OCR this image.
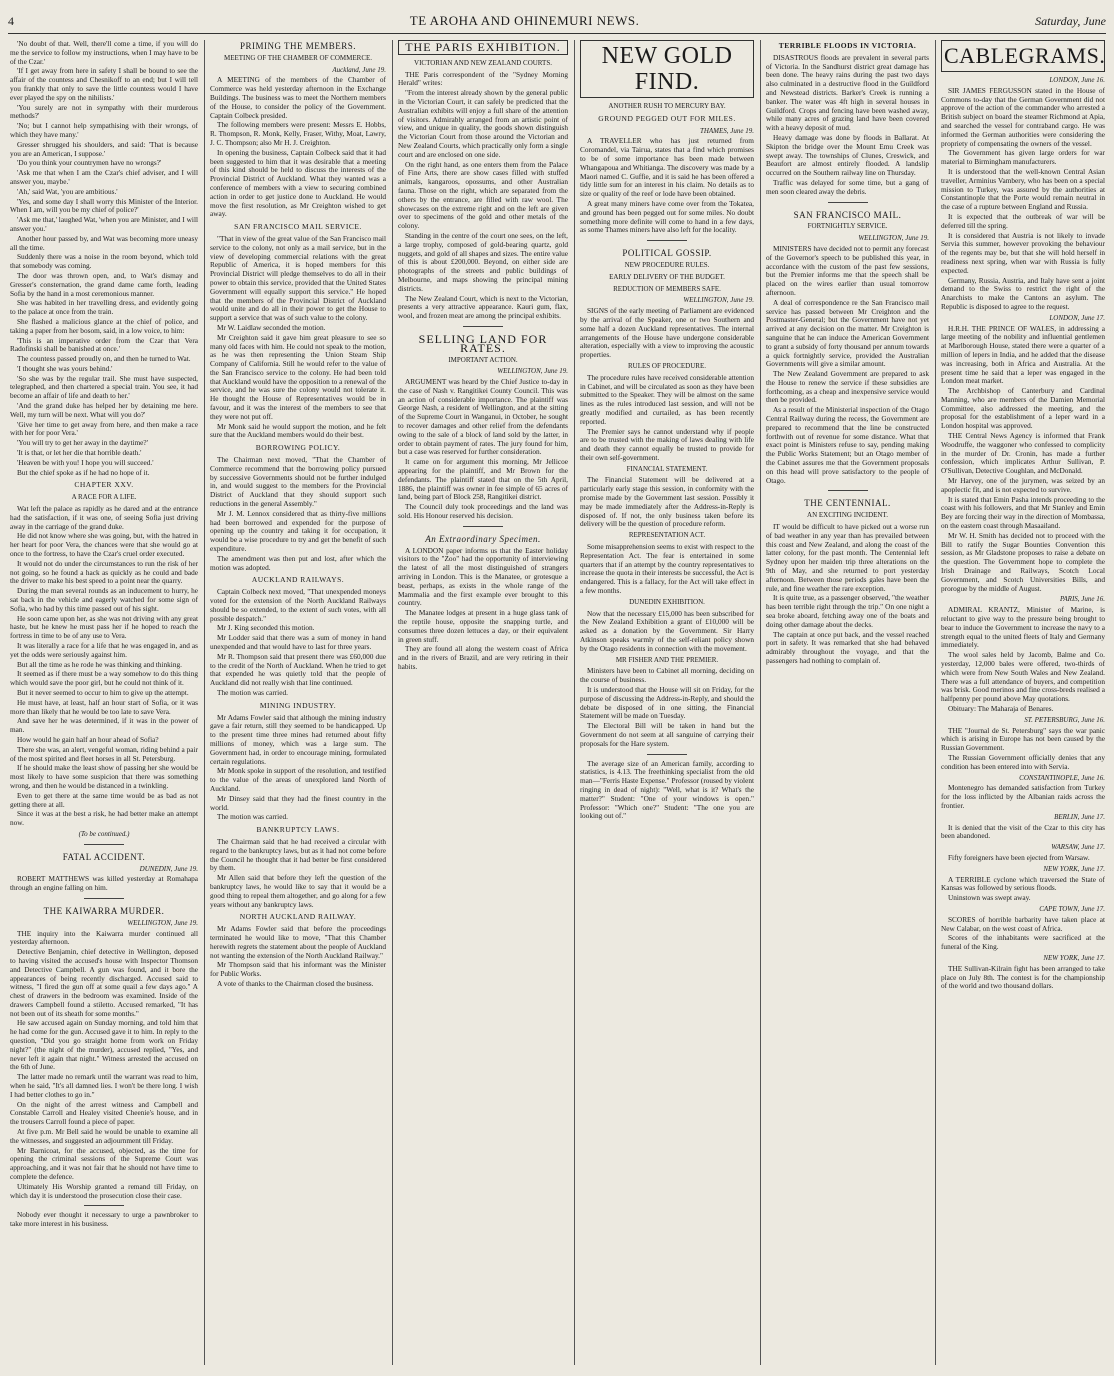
4	TE AROHA AND OHINEMURI NEWS.	Saturday, June

'No doubt of that. Well, there'll come a time, if you will do me the service to follow my instructions, when I may have to be of the Czar.'

'If I get away from here in safety I shall be bound to see the affair of the countess and Chesnikoff to an end; but I will tell you frankly that only to save the little countess would I have ever played the spy on the nihilists.'

'You surely are not in sympathy with their murderous methods?'

'No; but I cannot help sympathising with their wrongs, of which they have many.'

Gresser shrugged his shoulders, and said: 'That is because you are an American, I suppose.'

'Do you think your countrymen have no wrongs?'

'Ask me that when I am the Czar's chief adviser, and I will answer you, maybe.'

'Ah,' said Wat, 'you are ambitious.'

'Yes, and some day I shall worry this Minister of the Interior. When I am, will you be my chief of police?'

'Ask me that,' laughed Wat, 'when you are Minister, and I will answer you.'

Another hour passed by, and Wat was becoming more uneasy all the time.

Suddenly there was a noise in the room beyond, which told that somebody was coming.

The door was thrown open, and, to Wat's dismay and Gresser's consternation, the grand dame came forth, leading Sofia by the hand in a most ceremonious manner.

She was habited in her travelling dress, and evidently going to the palace at once from the train.

She flashed a malicious glance at the chief of police, and taking a paper from her bosom, said, in a low voice, to him:

'This is an imperative order from the Czar that Vera Radofinski shall be banished at once.'

The countess passed proudly on, and then he turned to Wat.

'I thought she was yours behind.'

'So she was by the regular trail. She must have suspected, telegraphed, and then chartered a special train. You see, it had become an affair of life and death to her.'

'And the grand duke has helped her by detaining me here. Well, my turn will be next. What will you do?'

'Give her time to get away from here, and then make a race with her for poor Vera.'

'You will try to get her away in the daytime?'

'It is that, or let her die that horrible death.'

'Heaven be with you! I hope you will succeed.'

But the chief spoke as if he had no hope of it.

CHAPTER XXV.
A RACE FOR A LIFE.

Wat left the palace as rapidly as he dared and at the entrance had the satisfaction, if it was one, of seeing Sofia just driving away in the carriage of the grand duke.

He did not know where she was going, but, with the hatred in her heart for poor Vera, the chances were that she would go at once to the fortress, to have the Czar's cruel order executed.

It would not do under the circumstances to run the risk of her not going, so he found a hack as quickly as he could and bade the driver to make his best speed to a point near the quarry.

During the man several rounds as an inducement to hurry, he sat back in the vehicle and eagerly watched for some sign of Sofia, who had by this time passed out of his sight.

He soon came upon her, as she was not driving with any great haste, but he knew he must pass her if he hoped to reach the fortress in time to be of any use to Vera.

It was literally a race for a life that he was engaged in, and as yet the odds were seriously against him.

But all the time as he rode he was thinking and thinking.

It seemed as if there must be a way somehow to do this thing which would save the poor girl, but he could not think of it.

But it never seemed to occur to him to give up the attempt.

He must have, at least, half an hour start of Sofia, or it was more than likely that he would be too late to save Vera.

And save her he was determined, if it was in the power of man.

How would he gain half an hour ahead of Sofia?

There she was, an alert, vengeful woman, riding behind a pair of the most spirited and fleet horses in all St. Petersburg.

If he should make the least show of passing her she would be most likely to have some suspicion that there was something wrong, and then he would be distanced in a twinkling.

Even to get there at the same time would be as bad as not getting there at all.

Since it was at the best a risk, he had better make an attempt now.

(To be continued.)
FATAL ACCIDENT.
DUNEDIN, June 19.

ROBERT MATTHEWS was killed yesterday at Romahapa through an engine falling on him.

THE KAIWARRA MURDER.
WELLINGTON, June 19.

THE inquiry into the Kaiwarra murder continued all yesterday afternoon.

Detective Benjamin, chief detective in Wellington, deposed to having visited the accused's house with Inspector Thomson and Detective Campbell. A gun was found, and it bore the appearances of being recently discharged. Accused said to witness, "I fired the gun off at some quail a few days ago." A chest of drawers in the bedroom was examined. Inside of the drawers Campbell found a stiletto. Accused remarked, "It has not been out of its sheath for some months."

He saw accused again on Sunday morning, and told him that he had come for the gun. Accused gave it to him. In reply to the question, "Did you go straight home from work on Friday night?" (the night of the murder), accused replied, "Yes, and never left it again that night." Witness arrested the accused on the 6th of June.

The latter made no remark until the warrant was read to him, when he said, "It's all damned lies. I won't be there long. I wish I had better clothes to go in."

On the night of the arrest witness and Campbell and Constable Carroll and Healey visited Cheenie's house, and in the trousers Carroll found a piece of paper.

At five p.m. Mr Bell said he would be unable to examine all the witnesses, and suggested an adjournment till Friday.

Mr Barnicoat, for the accused, objected, as the time for opening the criminal sessions of the Supreme Court was approaching, and it was not fair that he should not have time to complete the defence.

Ultimately His Worship granted a remand till Friday, on which day it is understood the prosecution close their case.

Nobody ever thought it necessary to urge a pawnbroker to take more interest in his business.

PRIMING THE MEMBERS.
MEETING OF THE CHAMBER OF COMMERCE.
Auckland, June 19.

A MEETING of the members of the Chamber of Commerce was held yesterday afternoon in the Exchange Buildings. The business was to meet the Northern members of the House, to consider the policy of the Government. Captain Colbeck presided.

The following members were present: Messrs E. Hobbs, R. Thompson, R. Monk, Kelly, Fraser, Withy, Moat, Lawry, J. C. Thompson; also Mr H. J. Creighton.

In opening the business, Captain Colbeck said that it had been suggested to him that it was desirable that a meeting of this kind should be held to discuss the interests of the Provincial District of Auckland. What they wanted was a conference of members with a view to securing combined action in order to get justice done to Auckland. He would move the first resolution, as Mr Creighton wished to get away.

SAN FRANCISCO MAIL SERVICE.

"That in view of the great value of the San Francisco mail service to the colony, not only as a mail service, but in the view of developing commercial relations with the great Republic of America, it is hoped members for this Provincial District will pledge themselves to do all in their power to obtain this service, provided that the United States Government will equally support this service." He hoped that the members of the Provincial District of Auckland would unite and do all in their power to get the House to support a service that was of such value to the colony.

Mr W. Laidlaw seconded the motion.

Mr Creighton said it gave him great pleasure to see so many old faces with him. He could not speak to the motion, as he was then representing the Union Steam Ship Company of California. Still he would refer to the value of the San Francisco service to the colony. He had been told that Auckland would have the opposition to a renewal of the service, and he was sure the colony would not tolerate it. He thought the House of Representatives would be in favour, and it was the interest of the members to see that they were not put off.

Mr Monk said he would support the motion, and he felt sure that the Auckland members would do their best.

BORROWING POLICY.

The Chairman next moved, "That the Chamber of Commerce recommend that the borrowing policy pursued by successive Governments should not be further indulged in, and would suggest to the members for the Provincial District of Auckland that they should support such reductions in the general Assembly."

Mr J. M. Lennox considered that as thirty-five millions had been borrowed and expended for the purpose of opening up the country and taking it for occupation, it would be a wise procedure to try and get the benefit of such expenditure.

The amendment was then put and lost, after which the motion was adopted.

AUCKLAND RAILWAYS.

Captain Colbeck next moved, "That unexpended moneys voted for the extension of the North Auckland Railways should be so extended, to the extent of such votes, with all possible despatch."

Mr J. King seconded this motion.

Mr Lodder said that there was a sum of money in hand unexpended and that would have to last for three years.

Mr R. Thompson said that present there was £60,000 due to the credit of the North of Auckland. When he tried to get that expended he was quietly told that the people of Auckland did not really wish that line continued.

The motion was carried.

MINING INDUSTRY.

Mr Adams Fowler said that although the mining industry gave a fair return, still they seemed to be handicapped. Up to the present time three mines had returned about fifty millions of money, which was a large sum. The Government had, in order to encourage mining, formulated certain regulations.

Mr Monk spoke in support of the resolution, and testified to the value of the areas of unexplored land North of Auckland.

Mr Dinsey said that they had the finest country in the world.

The motion was carried.

BANKRUPTCY LAWS.

The Chairman said that he had received a circular with regard to the bankruptcy laws, but as it had not come before the Council he thought that it had better be first considered by them.

Mr Allen said that before they left the question of the bankruptcy laws, he would like to say that it would be a good thing to repeal them altogether, and go along for a few years without any bankruptcy laws.

NORTH AUCKLAND RAILWAY.

Mr Adams Fowler said that before the proceedings terminated he would like to move, "That this Chamber herewith regrets the statement about the people of Auckland not wanting the extension of the North Auckland Railway."

Mr Thompson said that his informant was the Minister for Public Works.

A vote of thanks to the Chairman closed the business.

THE PARIS EXHIBITION.
VICTORIAN AND NEW ZEALAND COURTS.

THE Paris correspondent of the "Sydney Morning Herald" writes:

"From the interest already shown by the general public in the Victorian Court, it can safely be predicted that the Australian exhibits will enjoy a full share of the attention of visitors. Admirably arranged from an artistic point of view, and unique in quality, the goods shown distinguish the Victorian Court from those around the Victorian and New Zealand Courts, which practically only form a single court and are enclosed on one side.

On the right hand, as one enters them from the Palace of Fine Arts, there are show cases filled with stuffed animals, kangaroos, opossums, and other Australian fauna. Those on the right, which are separated from the others by the entrance, are filled with raw wool. The showcases on the extreme right and on the left are given over to specimens of the gold and other metals of the colony.

Standing in the centre of the court one sees, on the left, a large trophy, composed of gold-bearing quartz, gold nuggets, and gold of all shapes and sizes. The entire value of this is about £200,000. Beyond, on either side are photographs of the streets and public buildings of Melbourne, and maps showing the principal mining districts.

The New Zealand Court, which is next to the Victorian, presents a very attractive appearance. Kauri gum, flax, wool, and frozen meat are among the principal exhibits.

SELLING LAND FOR RATES.
IMPORTANT ACTION.
WELLINGTON, June 19.

ARGUMENT was heard by the Chief Justice to-day in the case of Nash v. Rangitikei County Council. This was an action of considerable importance. The plaintiff was George Nash, a resident of Wellington, and at the sitting of the Supreme Court in Wanganui, in October, he sought to recover damages and other relief from the defendants owing to the sale of a block of land sold by the latter, in order to obtain payment of rates. The jury found for him, but a case was reserved for further consideration.

It came on for argument this morning, Mr Jellicoe appearing for the plaintiff, and Mr Brown for the defendants. The plaintiff stated that on the 5th April, 1886, the plaintiff was owner in fee simple of 65 acres of land, being part of Block 258, Rangitikei district.

The Council duly took proceedings and the land was sold. His Honour reserved his decision.

An Extraordinary Specimen.

A LONDON paper informs us that the Easter holiday visitors to the "Zoo" had the opportunity of interviewing the latest of all the most distinguished of strangers arriving in London. This is the Manatee, or grotesque a beast, perhaps, as exists in the whole range of the Mammalia and the first example ever brought to this country.

The Manatee lodges at present in a huge glass tank of the reptile house, opposite the snapping turtle, and consumes three dozen lettuces a day, or their equivalent in green stuff.

They are found all along the western coast of Africa and in the rivers of Brazil, and are very retiring in their habits.

NEW GOLD FIND.
ANOTHER RUSH TO MERCURY BAY.
GROUND PEGGED OUT FOR MILES.
THAMES, June 19.

A TRAVELLER who has just returned from Coromandel, via Tairua, states that a find which promises to be of some importance has been made between Whangapoua and Whitianga. The discovery was made by a Maori named C. Guffie, and it is said he has been offered a tidy little sum for an interest in his claim. No details as to size or quality of the reef or lode have been obtained.

A great many miners have come over from the Tokatea, and ground has been pegged out for some miles. No doubt something more definite will come to hand in a few days, as some Thames miners have also left for the locality.

POLITICAL GOSSIP.
NEW PROCEDURE RULES.
EARLY DELIVERY OF THE BUDGET.
REDUCTION OF MEMBERS SAFE.
WELLINGTON, June 19.

SIGNS of the early meeting of Parliament are evidenced by the arrival of the Speaker, one or two Southern and some half a dozen Auckland representatives. The internal arrangements of the House have undergone considerable alteration, especially with a view to improving the acoustic properties.

RULES OF PROCEDURE.

The procedure rules have received considerable attention in Cabinet, and will be circulated as soon as they have been submitted to the Speaker. They will be almost on the same lines as the rules introduced last session, and will not be greatly modified and curtailed, as has been recently reported.

The Premier says he cannot understand why if people are to be trusted with the making of laws dealing with life and death they cannot equally be trusted to provide for their own self-government.

FINANCIAL STATEMENT.

The Financial Statement will be delivered at a particularly early stage this session, in conformity with the promise made by the Government last session. Possibly it may be made immediately after the Address-in-Reply is disposed of. If not, the only business taken before its delivery will be the question of procedure reform.

REPRESENTATION ACT.

Some misapprehension seems to exist with respect to the Representation Act. The fear is entertained in some quarters that if an attempt by the country representatives to increase the quota in their interests be successful, the Act is endangered. This is a fallacy, for the Act will take effect in a few months.

DUNEDIN EXHIBITION.

Now that the necessary £15,000 has been subscribed for the New Zealand Exhibition a grant of £10,000 will be asked as a donation by the Government. Sir Harry Atkinson speaks warmly of the self-reliant policy shown by the Otago residents in connection with the movement.

MR FISHER AND THE PREMIER.

Ministers have been to Cabinet all morning, deciding on the course of business.

It is understood that the House will sit on Friday, for the purpose of discussing the Address-in-Reply, and should the debate be disposed of in one sitting, the Financial Statement will be made on Tuesday.

The Electoral Bill will be taken in hand but the Government do not seem at all sanguine of carrying their proposals for the Hare system.

The average size of an American family, according to statistics, is 4.13. The freethinking specialist from the old man—"Ferris Haste Expense." Professor (roused by violent ringing in dead of night): "Well, what is it? What's the matter?" Student: "One of your windows is open." Professor: "Which one?" Student: "The one you are looking out of."

TERRIBLE FLOODS IN VICTORIA.

DISASTROUS floods are prevalent in several parts of Victoria. In the Sandhurst district great damage has been done. The heavy rains during the past two days also culminated in a destructive flood in the Guildford and Newstead districts. Barker's Creek is running a banker. The water was 4ft high in several houses in Guildford. Crops and fencing have been washed away, while many acres of grazing land have been covered with a heavy deposit of mud.

Heavy damage was done by floods in Ballarat. At Skipton the bridge over the Mount Emu Creek was swept away. The townships of Clunes, Creswick, and Beaufort are almost entirely flooded. A landslip occurred on the Southern railway line on Thursday.

Traffic was delayed for some time, but a gang of men soon cleared away the debris.

SAN FRANCISCO MAIL.
FORTNIGHTLY SERVICE.
WELLINGTON, June 19.

MINISTERS have decided not to permit any forecast of the Governor's speech to be published this year, in accordance with the custom of the past few sessions, but the Premier informs me that the speech shall be placed on the wires earlier than usual tomorrow afternoon.

A deal of correspondence re the San Francisco mail service has passed between Mr Creighton and the Postmaster-General; but the Government have not yet arrived at any decision on the matter. Mr Creighton is sanguine that he can induce the American Government to grant a subsidy of forty thousand per annum towards a quick fortnightly service, provided the Australian Governments will give a similar amount.

The New Zealand Government are prepared to ask the House to renew the service if these subsidies are forthcoming, as a cheap and inexpensive service would then be provided.

As a result of the Ministerial inspection of the Otago Central Railway during the recess, the Government are prepared to recommend that the line be constructed forthwith out of revenue for some distance. What that exact point is Ministers refuse to say, pending making the Public Works Statement; but an Otago member of the Cabinet assures me that the Government proposals on this head will prove satisfactory to the people of Otago.

THE CENTENNIAL.
AN EXCITING INCIDENT.

IT would be difficult to have picked out a worse run of bad weather in any year than has prevailed between this coast and New Zealand, and along the coast of the latter colony, for the past month. The Centennial left Sydney upon her maiden trip three alterations on the 9th of May, and she returned to port yesterday afternoon. Between those periods gales have been the rule, and fine weather the rare exception.

It is quite true, as a passenger observed, "the weather has been terrible right through the trip." On one night a sea broke aboard, fetching away one of the boats and doing other damage about the decks.

The captain at once put back, and the vessel reached port in safety. It was remarked that she had behaved admirably throughout the voyage, and that the passengers had nothing to complain of.

CABLEGRAMS.
LONDON, June 16.

SIR JAMES FERGUSSON stated in the House of Commons to-day that the German Government did not approve of the action of the commander who arrested a British subject on board the steamer Richmond at Apia, and searched the vessel for contraband cargo. He was informed the German authorities were considering the propriety of compensating the owners of the vessel.

The Government has given large orders for war material to Birmingham manufacturers.

It is understood that the well-known Central Asian traveller, Arminius Vambery, who has been on a special mission to Turkey, was assured by the authorities at Constantinople that the Porte would remain neutral in the case of a rupture between England and Russia.

It is expected that the outbreak of war will be deferred till the spring.

It is considered that Austria is not likely to invade Servia this summer, however provoking the behaviour of the regents may be, but that she will hold herself in readiness next spring, when war with Russia is fully expected.

Germany, Russia, Austria, and Italy have sent a joint demand to the Swiss to restrict the right of the Anarchists to make the Cantons an asylum. The Republic is disposed to agree to the request.

LONDON, June 17.

H.R.H. THE PRINCE OF WALES, in addressing a large meeting of the nobility and influential gentlemen at Marlborough House, stated there were a quarter of a million of lepers in India, and he added that the disease was increasing, both in Africa and Australia. At the present time he said that a leper was engaged in the London meat market.

The Archbishop of Canterbury and Cardinal Manning, who are members of the Damien Memorial Committee, also addressed the meeting, and the proposal for the establishment of a leper ward in a London hospital was approved.

THE Central News Agency is informed that Frank Woodruffe, the waggoner who confessed to complicity in the murder of Dr. Cronin, has made a further confession, which implicates Arthur Sullivan, P. O'Sullivan, Detective Coughlan, and McDonald.

Mr Harvey, one of the jurymen, was seized by an apoplectic fit, and is not expected to survive.

It is stated that Emin Pasha intends proceeding to the coast with his followers, and that Mr Stanley and Emin Bey are forcing their way in the direction of Mombassa, on the eastern coast through Masaailand.

Mr W. H. Smith has decided not to proceed with the Bill to ratify the Sugar Bounties Convention this session, as Mr Gladstone proposes to raise a debate on the question. The Government hope to complete the Irish Drainage and Railways, Scotch Local Government, and Scotch Universities Bills, and prorogue by the middle of August.

PARIS, June 16.

ADMIRAL KRANTZ, Minister of Marine, is reluctant to give way to the pressure being brought to bear to induce the Government to increase the navy to a strength equal to the united fleets of Italy and Germany immediately.

The wool sales held by Jacomb, Balme and Co. yesterday, 12,000 bales were offered, two-thirds of which were from New South Wales and New Zealand. There was a full attendance of buyers, and competition was brisk. Good merinos and fine cross-breds realised a halfpenny per pound above May quotations.

Obituary: The Maharaja of Benares.

ST. PETERSBURG, June 16.

THE "Journal de St. Petersburg" says the war panic which is arising in Europe has not been caused by the Russian Government.

The Russian Government officially denies that any condition has been entered into with Servia.

CONSTANTINOPLE, June 16.

Montenegro has demanded satisfaction from Turkey for the loss inflicted by the Albanian raids across the frontier.

BERLIN, June 17.

It is denied that the visit of the Czar to this city has been abandoned.

WARSAW, June 17.

Fifty foreigners have been ejected from Warsaw.

NEW YORK, June 17.

A TERRIBLE cyclone which traversed the State of Kansas was followed by serious floods.

Uninstown was swept away.

CAPE TOWN, June 17.

SCORES of horrible barbarity have taken place at New Calabar, on the west coast of Africa.

Scores of the inhabitants were sacrificed at the funeral of the King.

NEW YORK, June 17.

THE Sullivan-Kilrain fight has been arranged to take place on July 8th. The contest is for the championship of the world and two thousand dollars.
